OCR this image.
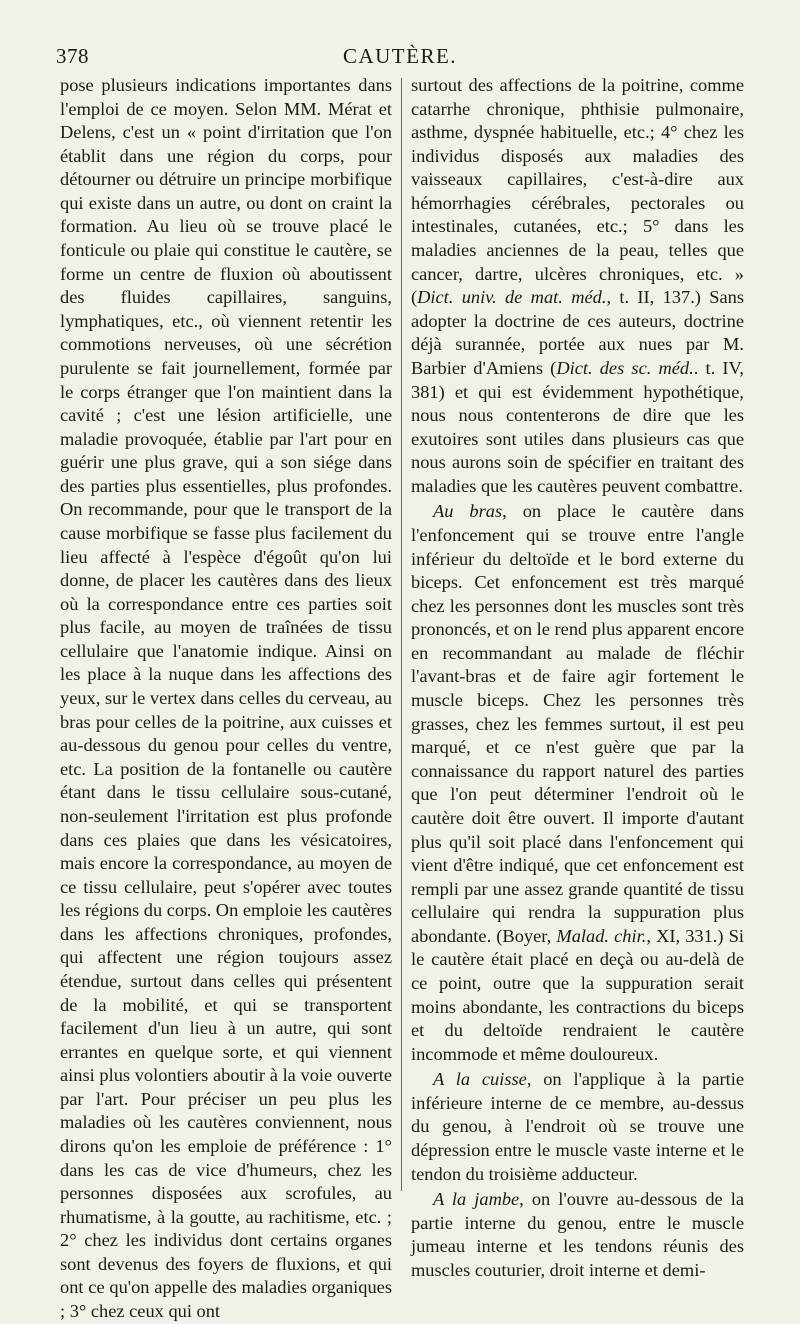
378	CAUTÈRE.

pose plusieurs indications importantes dans l'emploi de ce moyen. Selon MM. Mérat et Delens, c'est un « point d'irritation que l'on établit dans une région du corps, pour détourner ou détruire un principe morbifique qui existe dans un autre, ou dont on craint la formation. Au lieu où se trouve placé le fonticule ou plaie qui constitue le cautère, se forme un centre de fluxion où aboutissent des fluides capillaires, sanguins, lymphatiques, etc., où viennent retentir les commotions nerveuses, où une sécrétion purulente se fait journellement, formée par le corps étranger que l'on maintient dans la cavité ; c'est une lésion artificielle, une maladie provoquée, établie par l'art pour en guérir une plus grave, qui a son siége dans des parties plus essentielles, plus profondes. On recommande, pour que le transport de la cause morbifique se fasse plus facilement du lieu affecté à l'espèce d'égoût qu'on lui donne, de placer les cautères dans des lieux où la correspondance entre ces parties soit plus facile, au moyen de traînées de tissu cellulaire que l'anatomie indique. Ainsi on les place à la nuque dans les affections des yeux, sur le vertex dans celles du cerveau, au bras pour celles de la poitrine, aux cuisses et au-dessous du genou pour celles du ventre, etc. La position de la fontanelle ou cautère étant dans le tissu cellulaire sous-cutané, non-seulement l'irritation est plus profonde dans ces plaies que dans les vésicatoires, mais encore la correspondance, au moyen de ce tissu cellulaire, peut s'opérer avec toutes les régions du corps. On emploie les cautères dans les affections chroniques, profondes, qui affectent une région toujours assez étendue, surtout dans celles qui présentent de la mobilité, et qui se transportent facilement d'un lieu à un autre, qui sont errantes en quelque sorte, et qui viennent ainsi plus volontiers aboutir à la voie ouverte par l'art. Pour préciser un peu plus les maladies où les cautères conviennent, nous dirons qu'on les emploie de préférence : 1° dans les cas de vice d'humeurs, chez les personnes disposées aux scrofules, au rhumatisme, à la goutte, au rachitisme, etc. ; 2° chez les individus dont certains organes sont devenus des foyers de fluxions, et qui ont ce qu'on appelle des maladies organiques ; 3° chez ceux qui ont

surtout des affections de la poitrine, comme catarrhe chronique, phthisie pulmonaire, asthme, dyspnée habituelle, etc.; 4° chez les individus disposés aux maladies des vaisseaux capillaires, c'est-à-dire aux hémorrhagies cérébrales, pectorales ou intestinales, cutanées, etc.; 5° dans les maladies anciennes de la peau, telles que cancer, dartre, ulcères chroniques, etc. » (Dict. univ. de mat. méd., t. II, 137.) Sans adopter la doctrine de ces auteurs, doctrine déjà surannée, portée aux nues par M. Barbier d'Amiens (Dict. des sc. méd.. t. IV, 381) et qui est évidemment hypothétique, nous nous contenterons de dire que les exutoires sont utiles dans plusieurs cas que nous aurons soin de spécifier en traitant des maladies que les cautères peuvent combattre.

Au bras, on place le cautère dans l'enfoncement qui se trouve entre l'angle inférieur du deltoïde et le bord externe du biceps. Cet enfoncement est très marqué chez les personnes dont les muscles sont très prononcés, et on le rend plus apparent encore en recommandant au malade de fléchir l'avant-bras et de faire agir fortement le muscle biceps. Chez les personnes très grasses, chez les femmes surtout, il est peu marqué, et ce n'est guère que par la connaissance du rapport naturel des parties que l'on peut déterminer l'endroit où le cautère doit être ouvert. Il importe d'autant plus qu'il soit placé dans l'enfoncement qui vient d'être indiqué, que cet enfoncement est rempli par une assez grande quantité de tissu cellulaire qui rendra la suppuration plus abondante. (Boyer, Malad. chir., XI, 331.) Si le cautère était placé en deçà ou au-delà de ce point, outre que la suppuration serait moins abondante, les contractions du biceps et du deltoïde rendraient le cautère incommode et même douloureux.

A la cuisse, on l'applique à la partie inférieure interne de ce membre, au-dessus du genou, à l'endroit où se trouve une dépression entre le muscle vaste interne et le tendon du troisième adducteur.

A la jambe, on l'ouvre au-dessous de la partie interne du genou, entre le muscle jumeau interne et les tendons réunis des muscles couturier, droit interne et demi-
